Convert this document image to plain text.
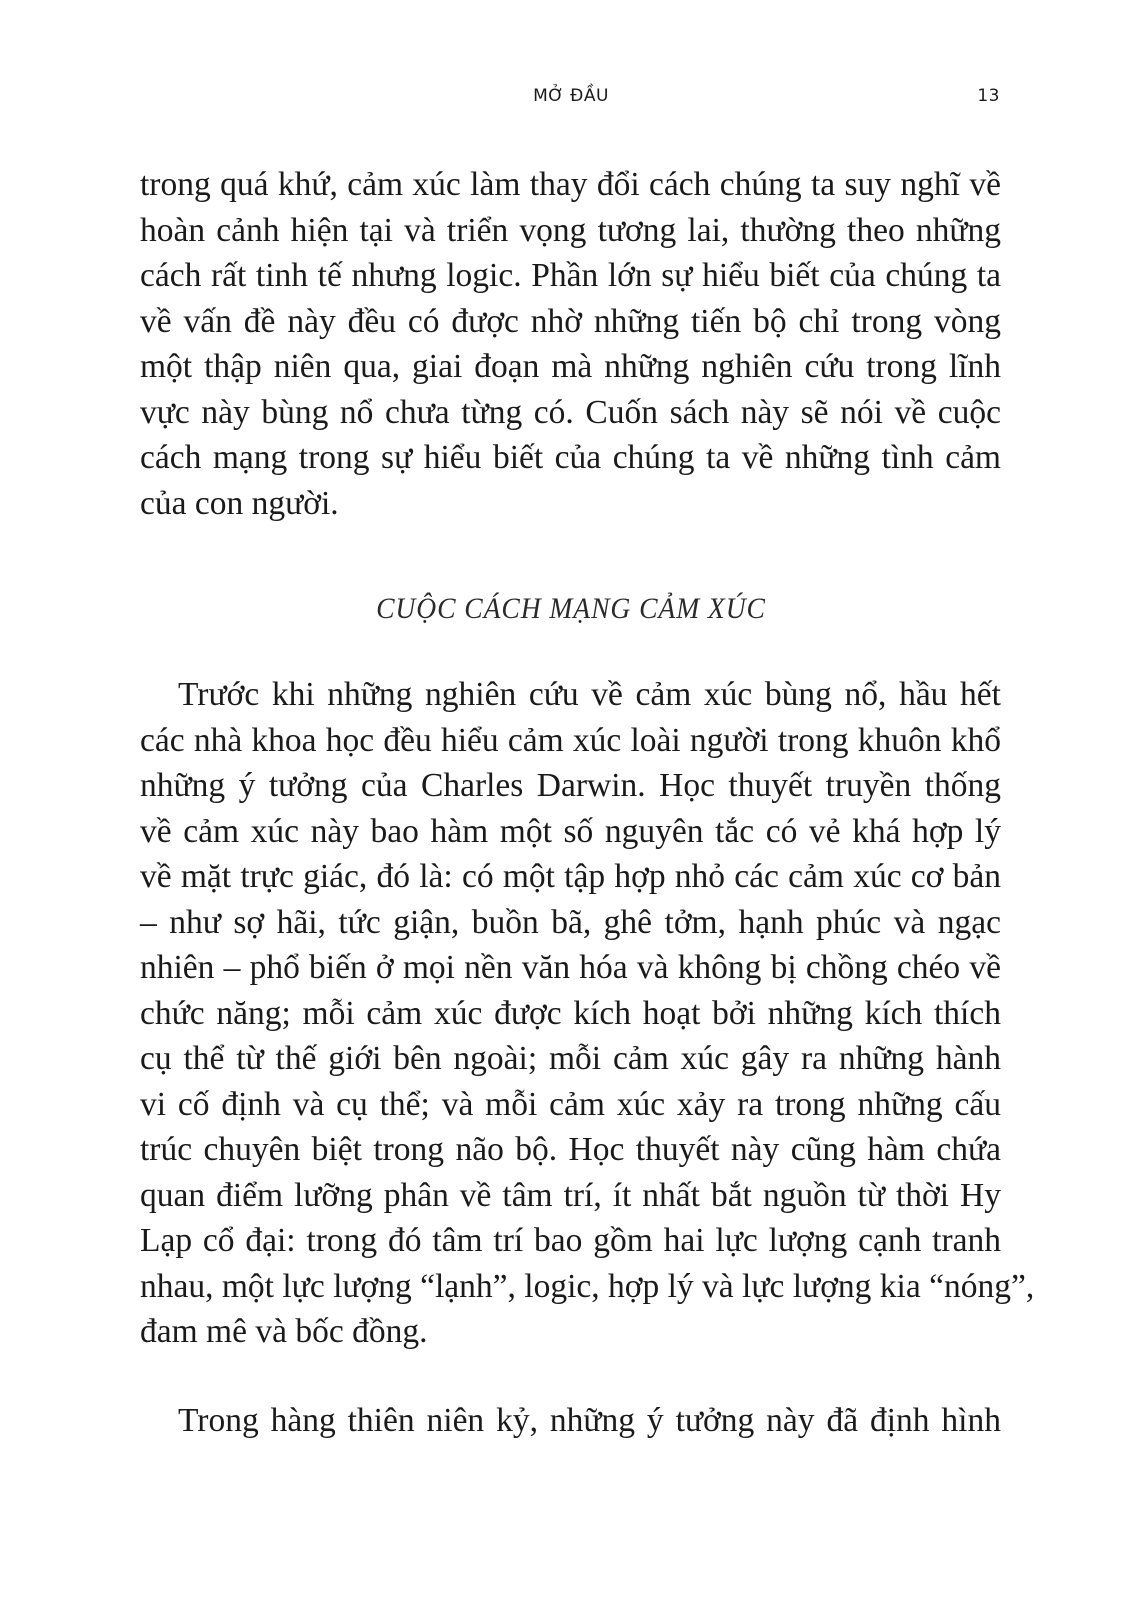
MỞ ĐẦU	13
trong quá khứ, cảm xúc làm thay đổi cách chúng ta suy nghĩ về
hoàn cảnh hiện tại và triển vọng tương lai, thường theo những
cách rất tinh tế nhưng logic. Phần lớn sự hiểu biết của chúng ta
về vấn đề này đều có được nhờ những tiến bộ chỉ trong vòng
một thập niên qua, giai đoạn mà những nghiên cứu trong lĩnh
vực này bùng nổ chưa từng có. Cuốn sách này sẽ nói về cuộc
cách mạng trong sự hiểu biết của chúng ta về những tình cảm
của con người.
CUỘC CÁCH MẠNG CẢM XÚC
Trước khi những nghiên cứu về cảm xúc bùng nổ, hầu hết
các nhà khoa học đều hiểu cảm xúc loài người trong khuôn khổ
những ý tưởng của Charles Darwin. Học thuyết truyền thống
về cảm xúc này bao hàm một số nguyên tắc có vẻ khá hợp lý
về mặt trực giác, đó là: có một tập hợp nhỏ các cảm xúc cơ bản
– như sợ hãi, tức giận, buồn bã, ghê tởm, hạnh phúc và ngạc
nhiên – phổ biến ở mọi nền văn hóa và không bị chồng chéo về
chức năng; mỗi cảm xúc được kích hoạt bởi những kích thích
cụ thể từ thế giới bên ngoài; mỗi cảm xúc gây ra những hành
vi cố định và cụ thể; và mỗi cảm xúc xảy ra trong những cấu
trúc chuyên biệt trong não bộ. Học thuyết này cũng hàm chứa
quan điểm lưỡng phân về tâm trí, ít nhất bắt nguồn từ thời Hy
Lạp cổ đại: trong đó tâm trí bao gồm hai lực lượng cạnh tranh
nhau, một lực lượng “lạnh”, logic, hợp lý và lực lượng kia “nóng”,
đam mê và bốc đồng.
Trong hàng thiên niên kỷ, những ý tưởng này đã định hình
